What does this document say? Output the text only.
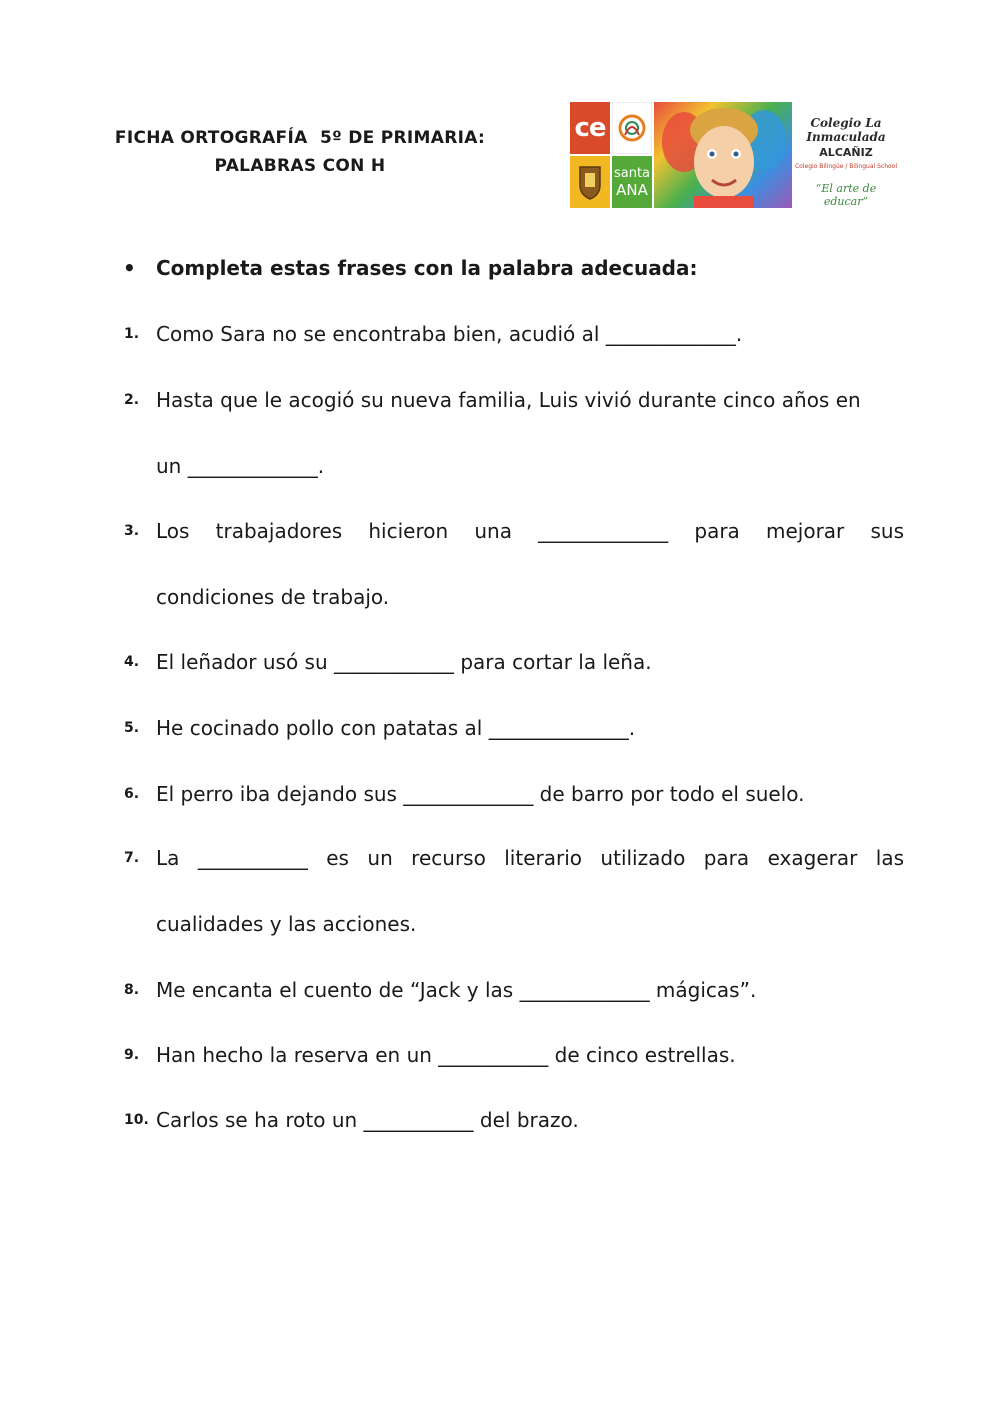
FICHA ORTOGRAFÍA  5º DE PRIMARIA:
PALABRAS CON H
ce
santa
ANA
Colegio La Inmaculada
ALCAÑIZ
Colegio Bilingüe / Bilingual School
“El arte de educar”
•	Completa estas frases con la palabra adecuada:
1. Como Sara no se encontraba bien, acudió al _____________.
2. Hasta que le acogió su nueva familia, Luis vivió durante cinco años en
un _____________.
3. Los trabajadores hicieron una _____________ para mejorar sus
condiciones de trabajo.
4. El leñador usó su ____________ para cortar la leña.
5. He cocinado pollo con patatas al ______________.
6. El perro iba dejando sus _____________ de barro por todo el suelo.
7. La ___________ es un recurso literario utilizado para exagerar las
cualidades y las acciones.
8. Me encanta el cuento de “Jack y las _____________ mágicas”.
9. Han hecho la reserva en un ___________ de cinco estrellas.
10. Carlos se ha roto un ___________ del brazo.
